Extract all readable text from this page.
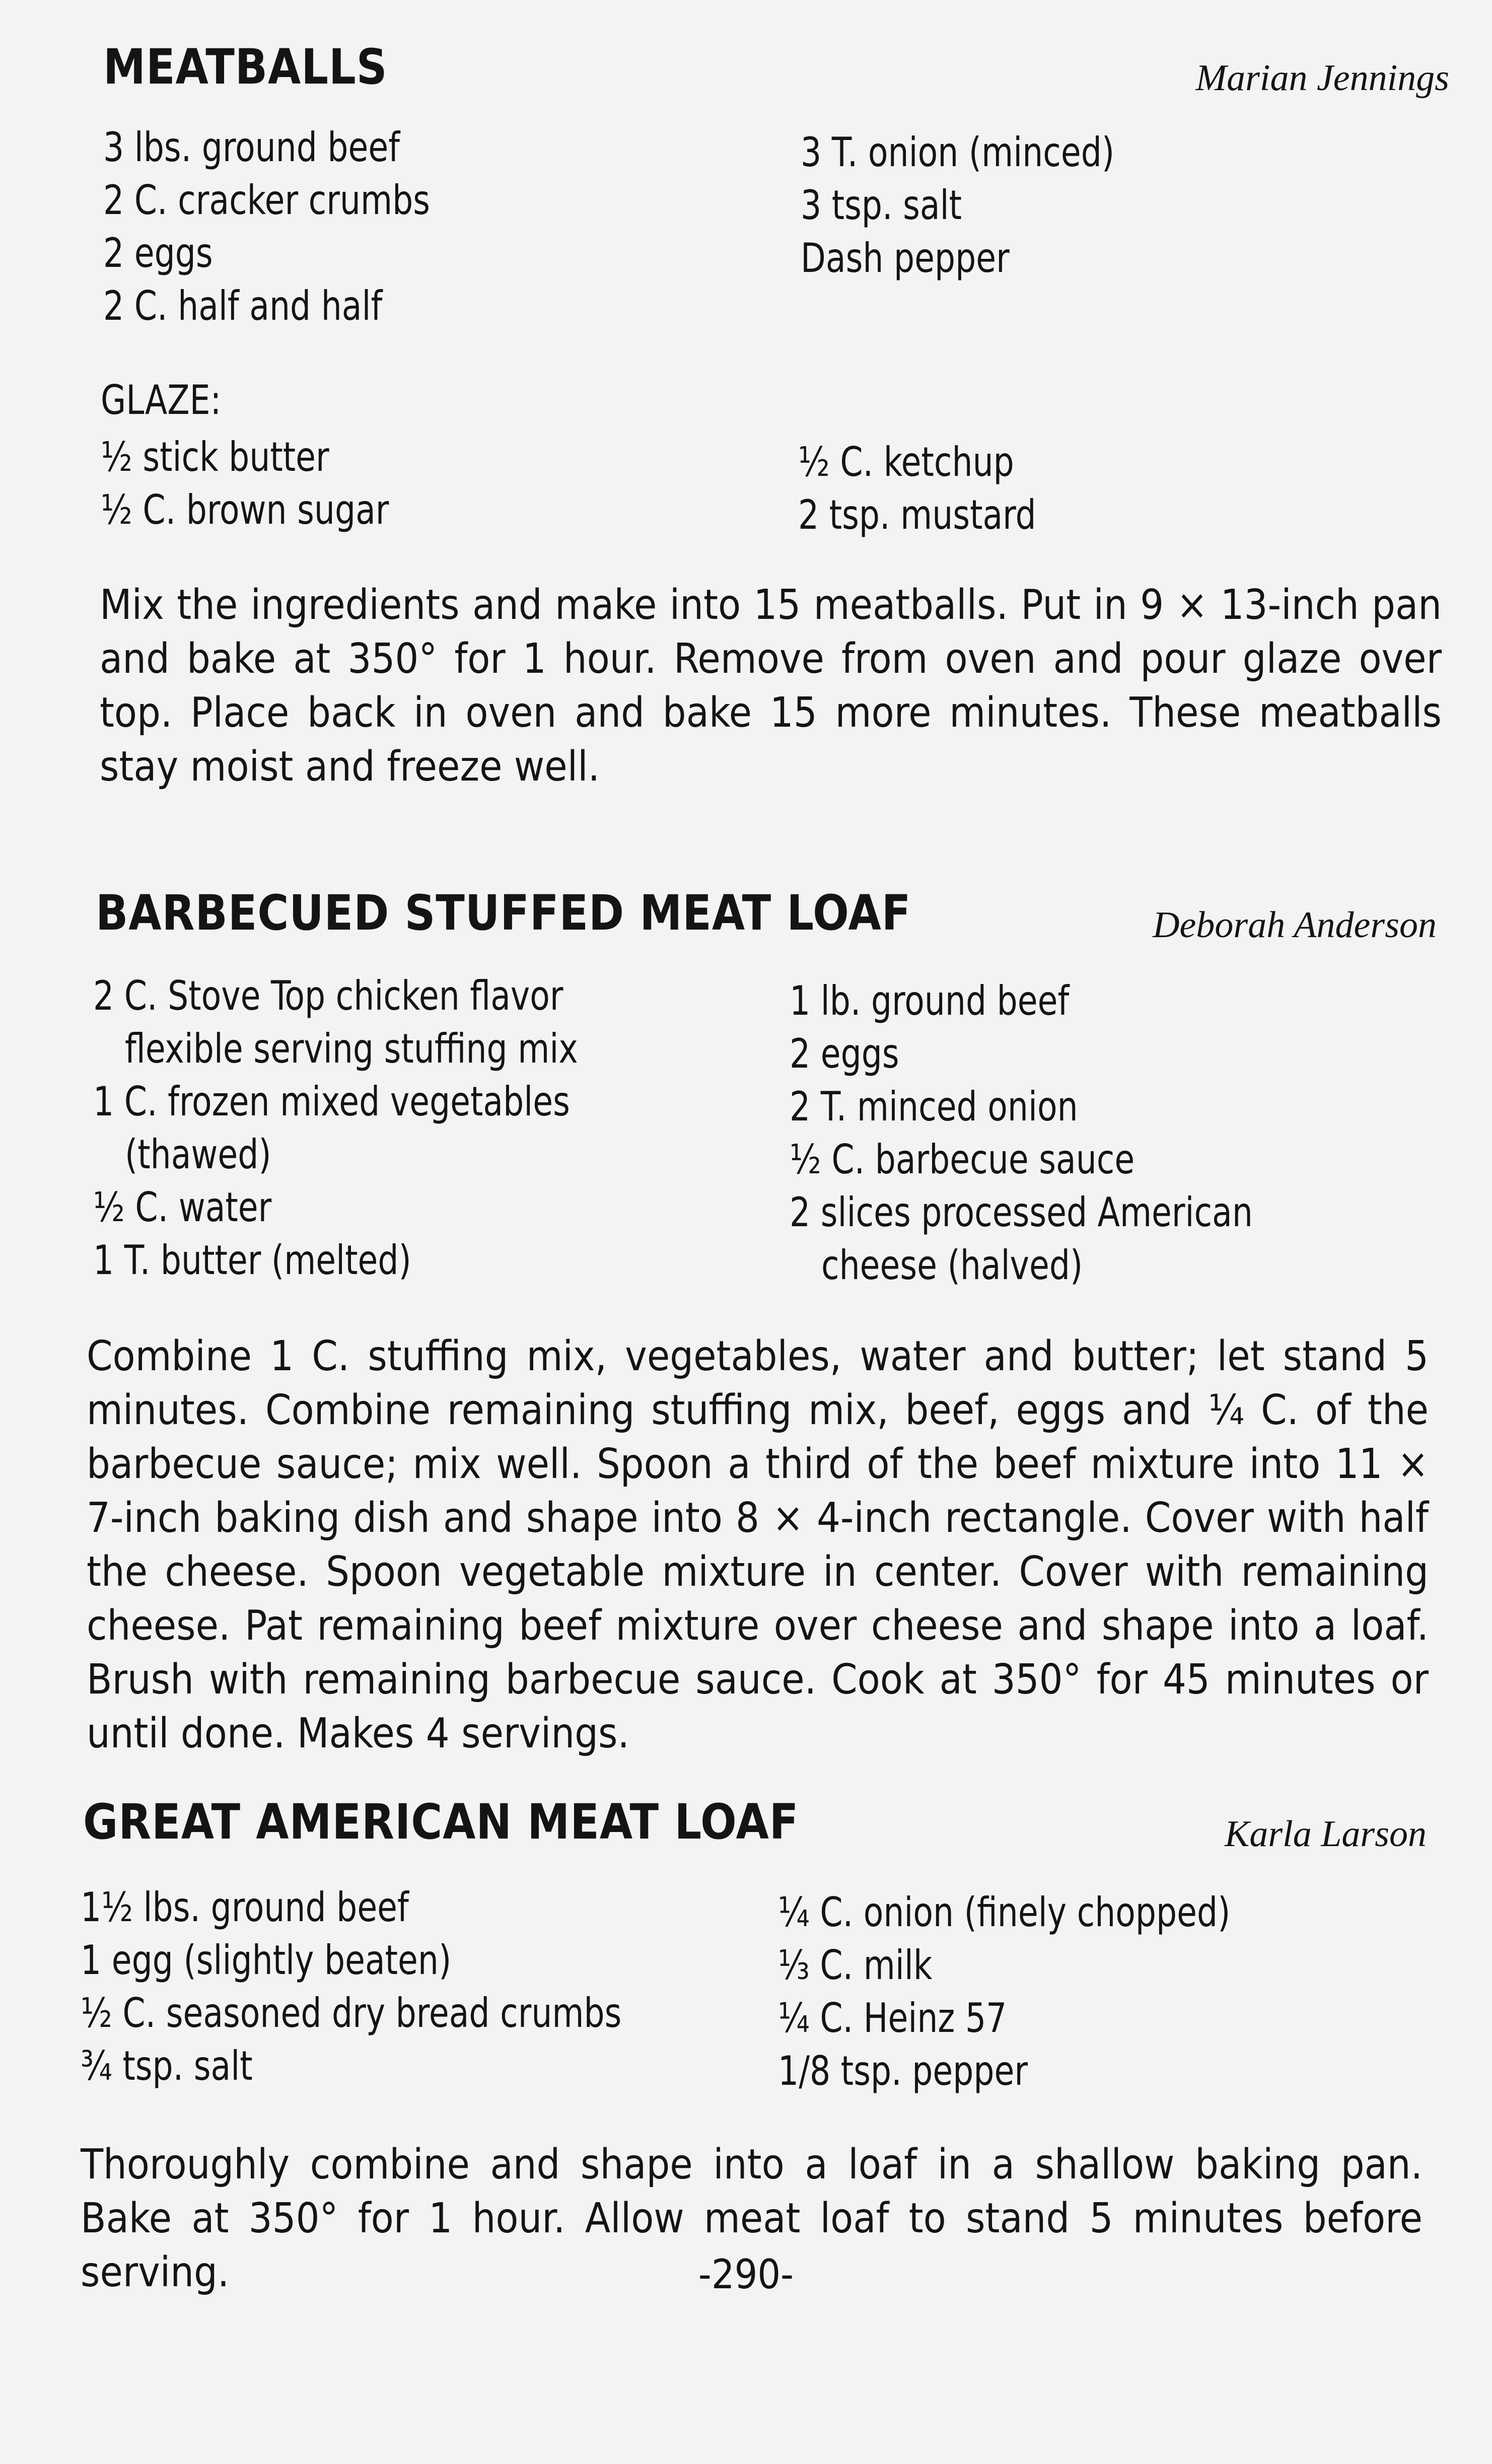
MEATBALLS	Marian Jennings

3 lbs. ground beef
2 C. cracker crumbs
2 eggs
2 C. half and half
3 T. onion (minced)
3 tsp. salt
Dash pepper

GLAZE:

½ stick butter
½ C. brown sugar
½ C. ketchup
2 tsp. mustard

Mix the ingredients and make into 15 meatballs. Put in 9 × 13-inch pan and bake at 350° for 1 hour. Remove from oven and pour glaze over top. Place back in oven and bake 15 more minutes. These meatballs stay moist and freeze well.

BARBECUED STUFFED MEAT LOAF	Deborah Anderson

2 C. Stove Top chicken flavor
flexible serving stuffing mix
1 C. frozen mixed vegetables
(thawed)
½ C. water
1 T. butter (melted)
1 lb. ground beef
2 eggs
2 T. minced onion
½ C. barbecue sauce
2 slices processed American
cheese (halved)

Combine 1 C. stuffing mix, vegetables, water and butter; let stand 5 minutes. Combine remaining stuffing mix, beef, eggs and ¼ C. of the barbecue sauce; mix well. Spoon a third of the beef mixture into 11 × 7-inch baking dish and shape into 8 × 4-inch rectangle. Cover with half the cheese. Spoon vegetable mixture in center. Cover with remaining cheese. Pat remaining beef mixture over cheese and shape into a loaf. Brush with remaining barbecue sauce. Cook at 350° for 45 minutes or until done. Makes 4 servings.

GREAT AMERICAN MEAT LOAF	Karla Larson

1½ lbs. ground beef
1 egg (slightly beaten)
½ C. seasoned dry bread crumbs
¾ tsp. salt
¼ C. onion (finely chopped)
⅓ C. milk
¼ C. Heinz 57
1/8 tsp. pepper

Thoroughly combine and shape into a loaf in a shallow baking pan. Bake at 350° for 1 hour. Allow meat loaf to stand 5 minutes before serving.	-290-
